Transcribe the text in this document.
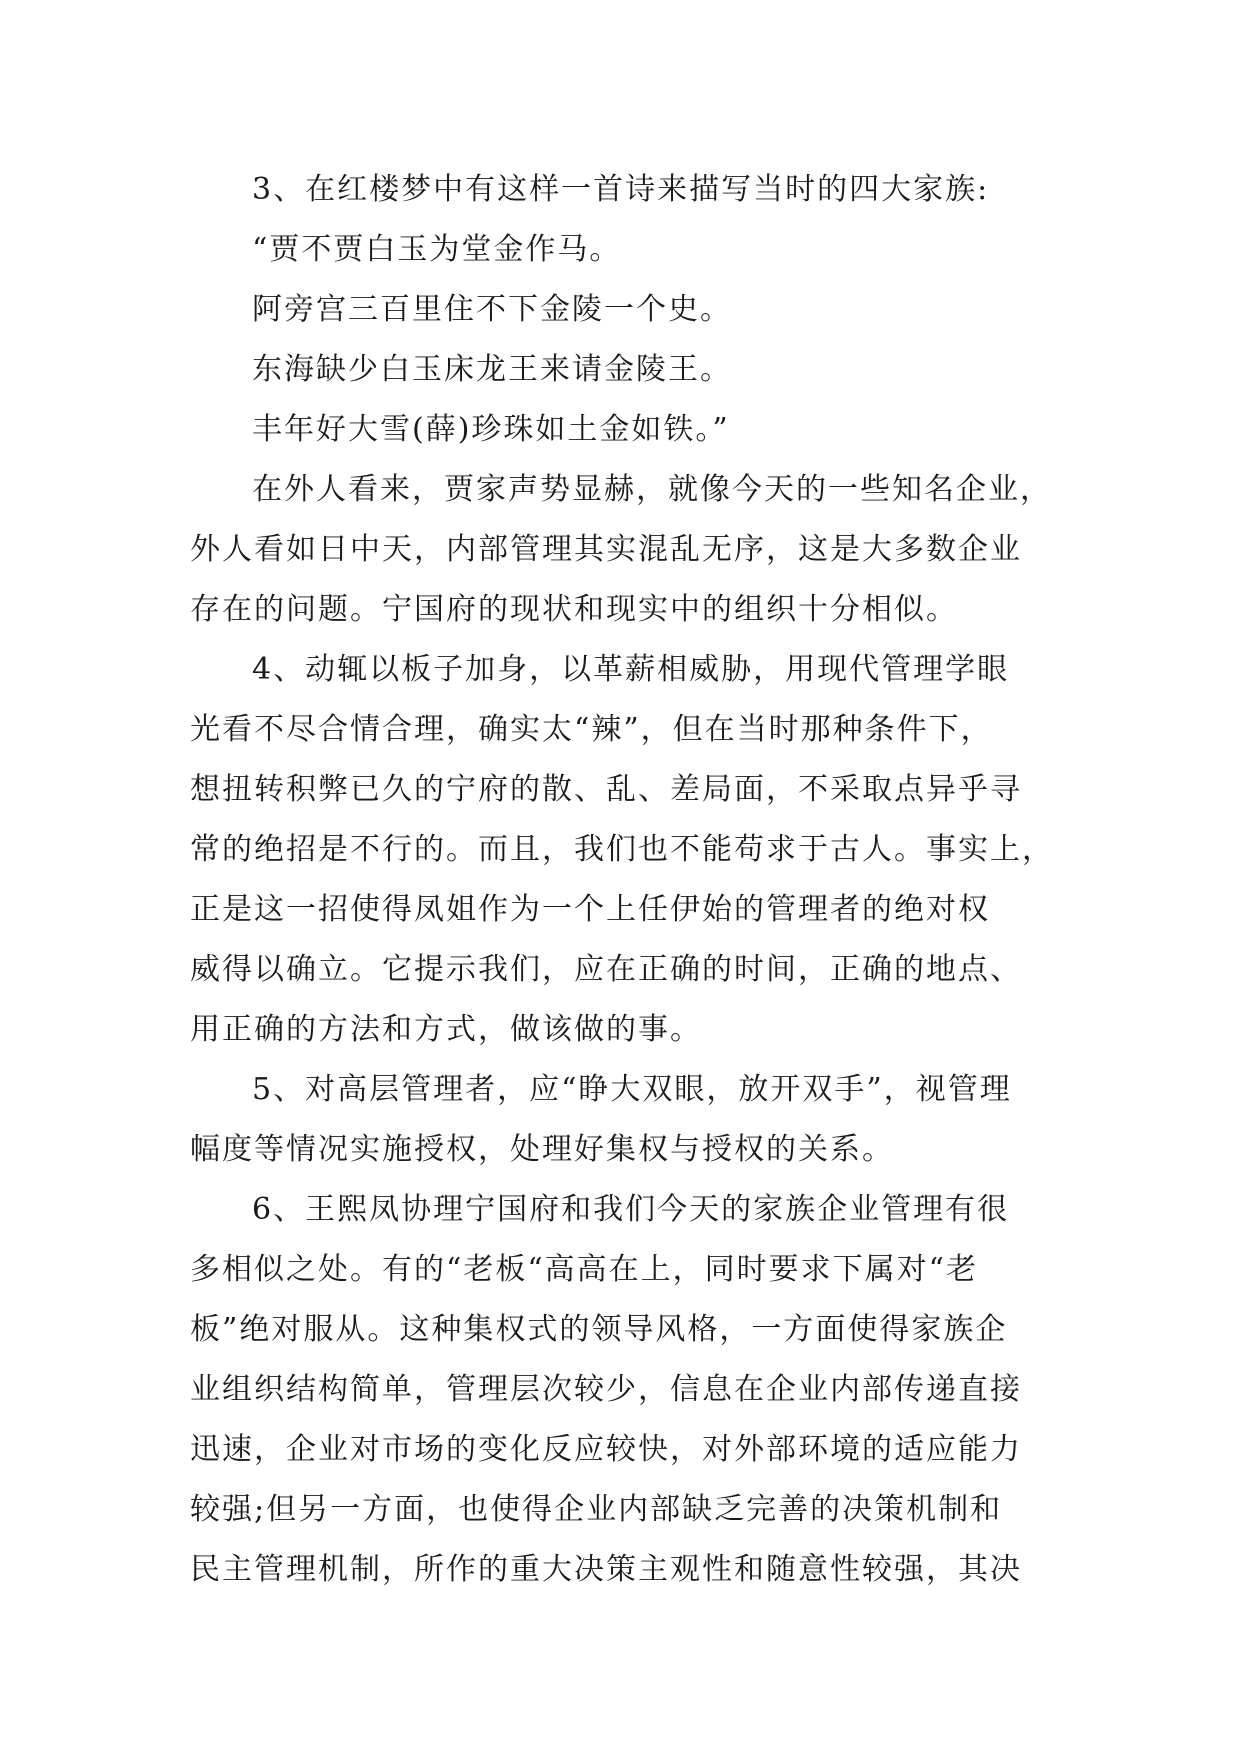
3、在红楼梦中有这样一首诗来描写当时的四大家族:
“贾不贾白玉为堂金作马。
阿旁宫三百里住不下金陵一个史。
东海缺少白玉床龙王来请金陵王。
丰年好大雪(薛)珍珠如土金如铁。”
在外人看来，贾家声势显赫，就像今天的一些知名企业，
外人看如日中天，内部管理其实混乱无序，这是大多数企业
存在的问题。宁国府的现状和现实中的组织十分相似。
4、动辄以板子加身，以革薪相威胁，用现代管理学眼
光看不尽合情合理，确实太“辣”，但在当时那种条件下，
想扭转积弊已久的宁府的散、乱、差局面，不采取点异乎寻
常的绝招是不行的。而且，我们也不能苟求于古人。事实上，
正是这一招使得凤姐作为一个上任伊始的管理者的绝对权
威得以确立。它提示我们，应在正确的时间，正确的地点、
用正确的方法和方式，做该做的事。
5、对高层管理者，应“睁大双眼，放开双手”，视管理
幅度等情况实施授权，处理好集权与授权的关系。
6、王熙凤协理宁国府和我们今天的家族企业管理有很
多相似之处。有的“老板“高高在上，同时要求下属对“老
板”绝对服从。这种集权式的领导风格，一方面使得家族企
业组织结构简单，管理层次较少，信息在企业内部传递直接
迅速，企业对市场的变化反应较快，对外部环境的适应能力
较强;但另一方面，也使得企业内部缺乏完善的决策机制和
民主管理机制，所作的重大决策主观性和随意性较强，其决
